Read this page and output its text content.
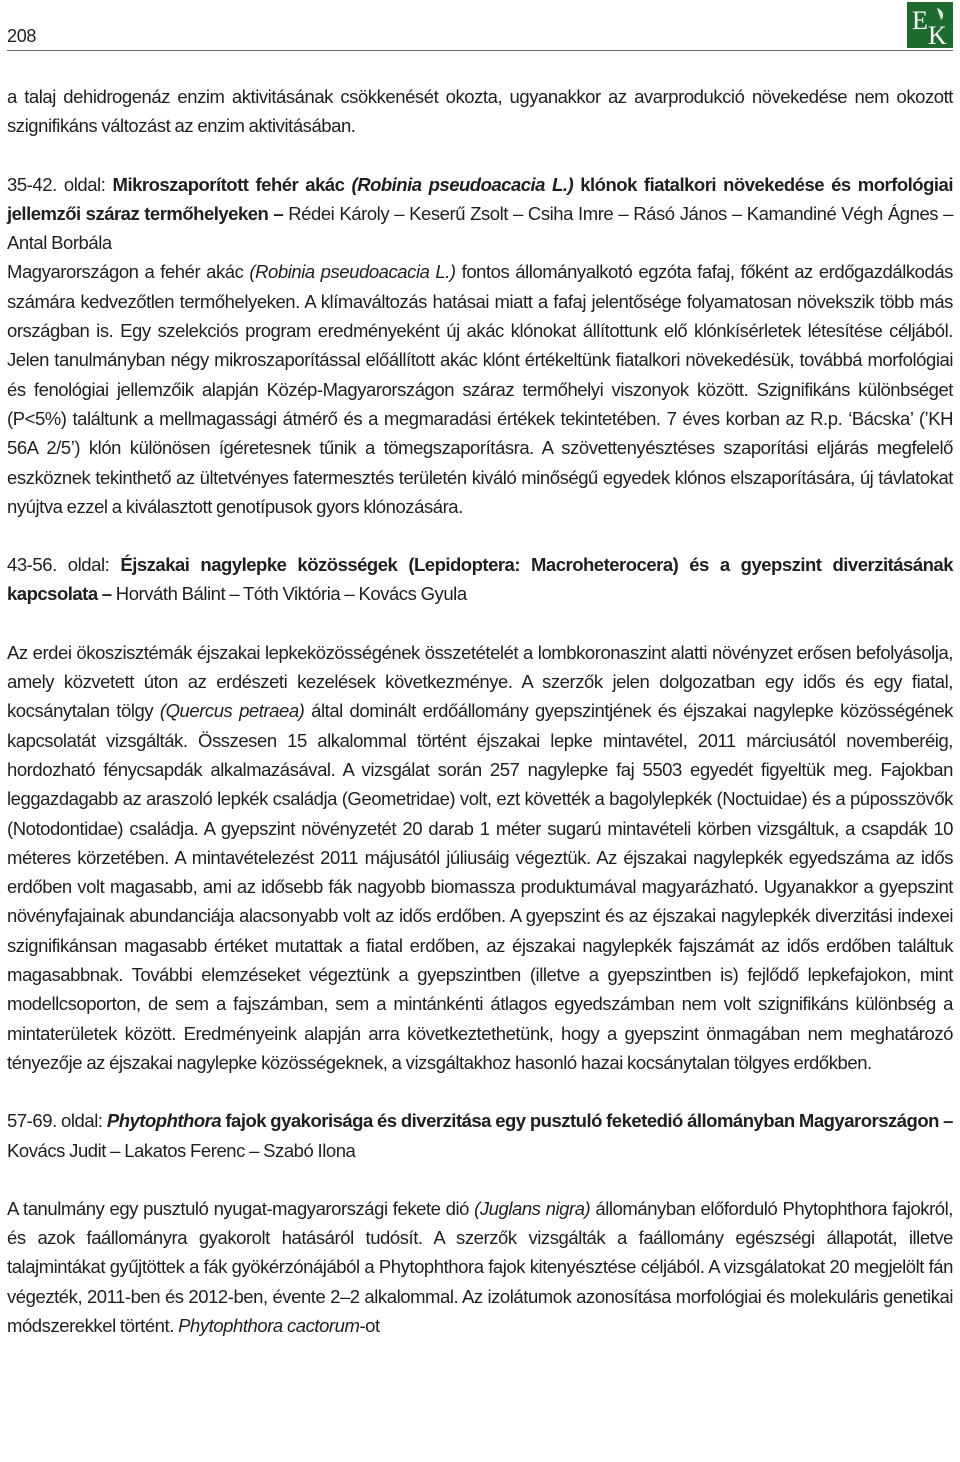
208
E
K

a talaj dehidrogenáz enzim aktivitásának csökkenését okozta, ugyanakkor az avarprodukció növekedése nem okozott szignifikáns változást az enzim aktivitásában.

35-42. oldal: Mikroszaporított fehér akác (Robinia pseudoacacia L.) klónok fiatalkori növekedése és morfológiai jellemzői száraz termőhelyeken – Rédei Károly – Keserű Zsolt – Csiha Imre – Rásó János – Kamandiné Végh Ágnes – Antal Borbála

Magyarországon a fehér akác (Robinia pseudoacacia L.) fontos állományalkotó egzóta fafaj, főként az erdőgazdálkodás számára kedvezőtlen termőhelyeken. A klímaváltozás hatásai miatt a fafaj jelentősége folyamatosan növekszik több más országban is. Egy szelekciós program eredményeként új akác klónokat állítottunk elő klónkísérletek létesítése céljából. Jelen tanulmányban négy mikroszaporítással előállított akác klónt értékeltünk fiatalkori növekedésük, továbbá morfológiai és fenológiai jellemzőik alapján Közép-Magyarországon száraz termőhelyi viszonyok között. Szignifikáns különbséget (P<5%) találtunk a mellmagassági átmérő és a megmaradási értékek tekintetében. 7 éves korban az R.p. ‘Bácska’ (’KH 56A 2/5’) klón különösen ígéretesnek tűnik a tömegszaporításra. A szövettenyésztéses szaporítási eljárás megfelelő eszköznek tekinthető az ültetvényes fatermesztés területén kiváló minőségű egyedek klónos elszaporítására, új távlatokat nyújtva ezzel a kiválasztott genotípusok gyors klónozására.

43-56. oldal: Éjszakai nagylepke közösségek (Lepidoptera: Macroheterocera) és a gyepszint diverzitásának kapcsolata – Horváth Bálint – Tóth Viktória – Kovács Gyula

Az erdei ökoszisztémák éjszakai lepkeközösségének összetételét a lombkoronaszint alatti növényzet erősen befolyásolja, amely közvetett úton az erdészeti kezelések következménye. A szerzők jelen dolgozatban egy idős és egy fiatal, kocsánytalan tölgy (Quercus petraea) által dominált erdőállomány gyepszintjének és éjszakai nagylepke közösségének kapcsolatát vizsgálták. Összesen 15 alkalommal történt éjszakai lepke mintavétel, 2011 márciusától novemberéig, hordozható fénycsapdák alkalmazásával. A vizsgálat során 257 nagylepke faj 5503 egyedét figyeltük meg. Fajokban leggazdagabb az araszoló lepkék családja (Geometridae) volt, ezt követték a bagolylepkék (Noctuidae) és a púposszövők (Notodontidae) családja. A gyepszint növényzetét 20 darab 1 méter sugarú mintavételi körben vizsgáltuk, a csapdák 10 méteres körzetében. A mintavételezést 2011 májusától júliusáig végeztük. Az éjszakai nagylepkék egyedszáma az idős erdőben volt magasabb, ami az idősebb fák nagyobb biomassza produktumával magyarázható. Ugyanakkor a gyepszint növényfajainak abundanciája alacsonyabb volt az idős erdőben. A gyepszint és az éjszakai nagylepkék diverzitási indexei szignifikánsan magasabb értéket mutattak a fiatal erdőben, az éjszakai nagylepkék fajszámát az idős erdőben találtuk magasabbnak. További elemzéseket végeztünk a gyepszintben (illetve a gyepszintben is) fejlődő lepkefajokon, mint modellcsoporton, de sem a fajszámban, sem a mintánkénti átlagos egyedszámban nem volt szignifikáns különbség a mintaterületek között. Eredményeink alapján arra következtethetünk, hogy a gyepszint önmagában nem meghatározó tényezője az éjszakai nagylepke közösségeknek, a vizsgáltakhoz hasonló hazai kocsánytalan tölgyes erdőkben.

57-69. oldal: Phytophthora fajok gyakorisága és diverzitása egy pusztuló feketedió állományban Magyarországon – Kovács Judit – Lakatos Ferenc – Szabó Ilona

A tanulmány egy pusztuló nyugat-magyarországi fekete dió (Juglans nigra) állományban előforduló Phytophthora fajokról, és azok faállományra gyakorolt hatásáról tudósít. A szerzők vizsgálták a faállomány egészségi állapotát, illetve talajmintákat gyűjtöttek a fák gyökérzónájából a Phytophthora fajok kitenyésztése céljából. A vizsgálatokat 20 megjelölt fán végezték, 2011-ben és 2012-ben, évente 2–2 alkalommal. Az izolátumok azonosítása morfológiai és molekuláris genetikai módszerekkel történt. Phytophthora cactorum-ot
